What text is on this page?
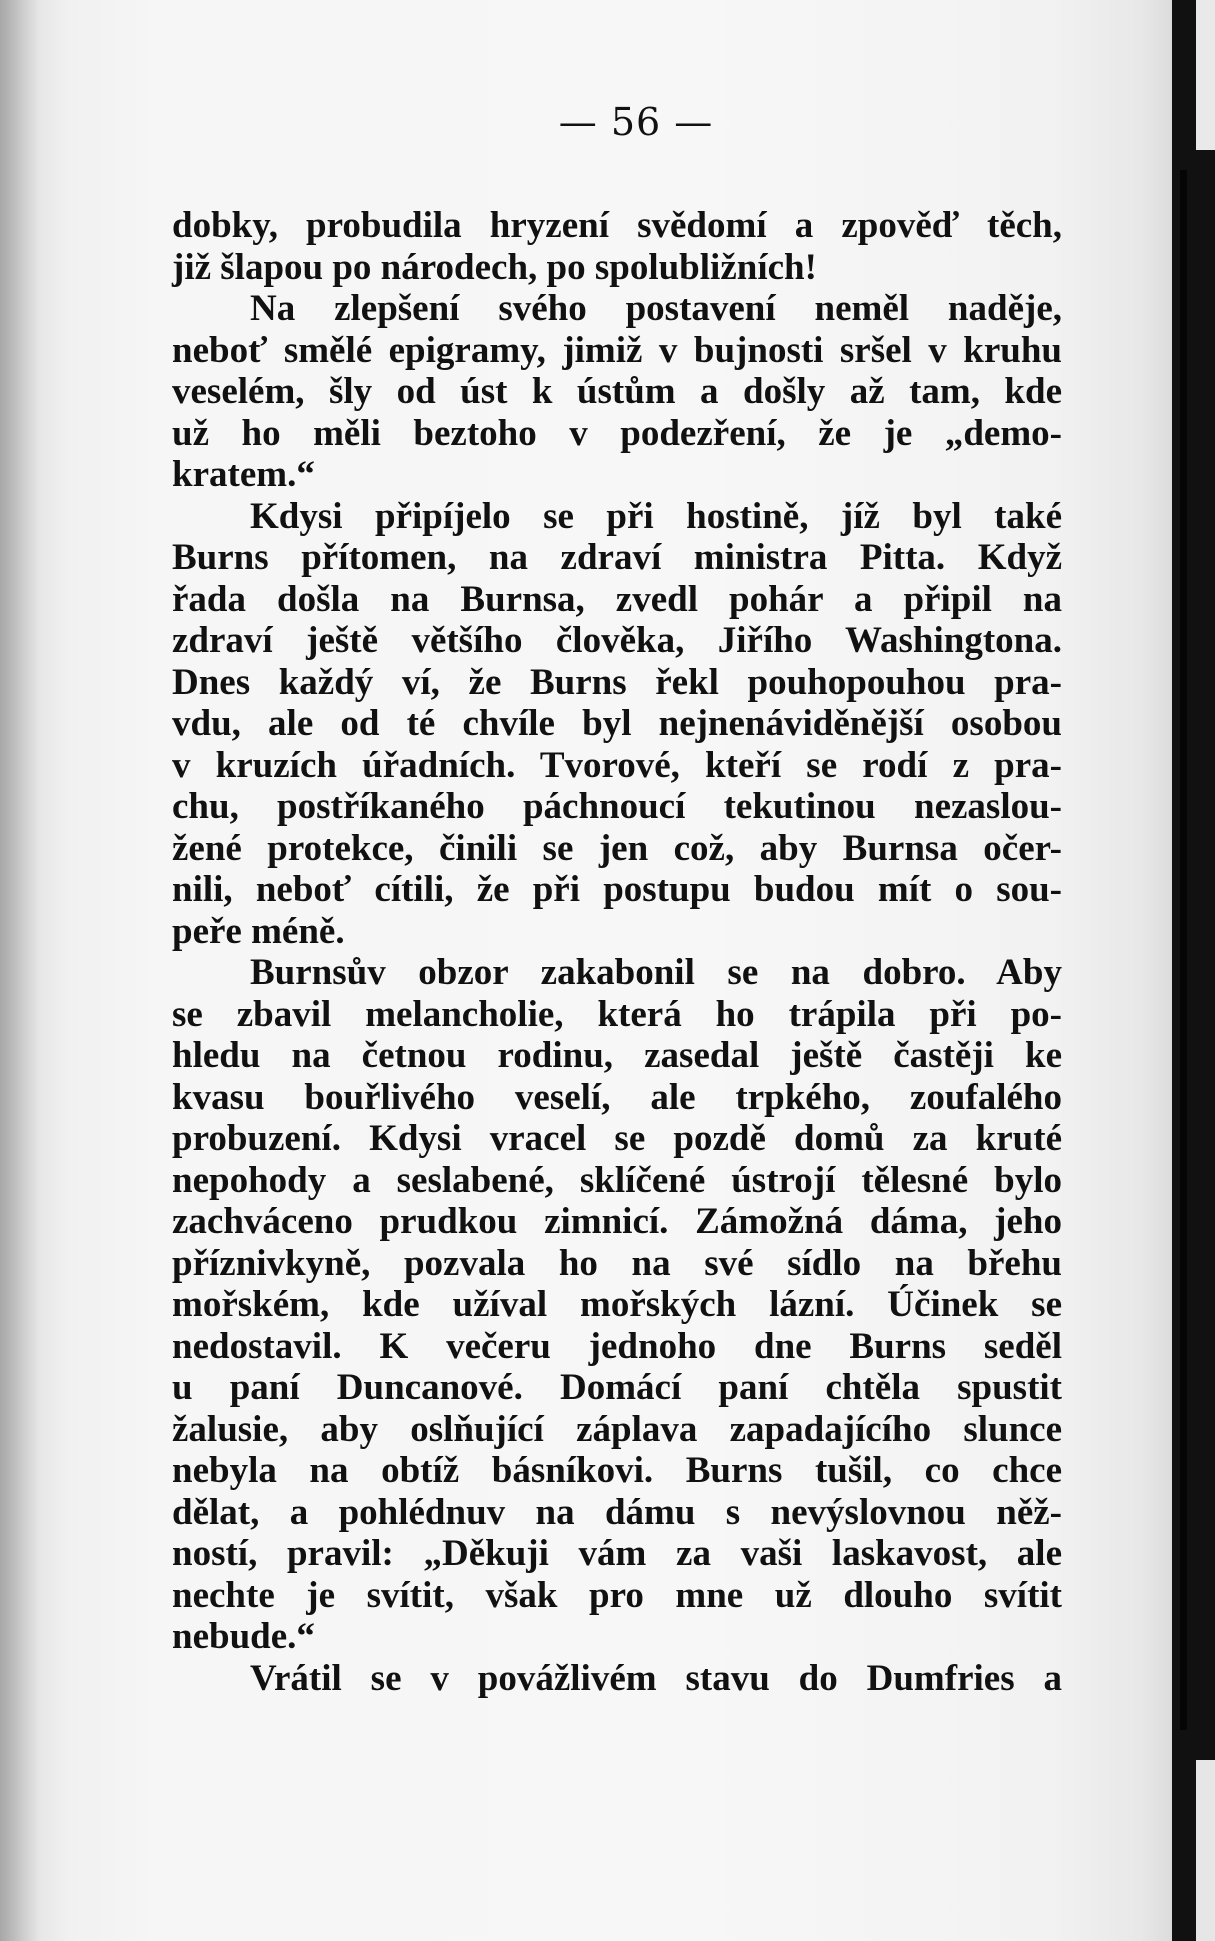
— 56 —
dobky, probudila hryzení svědomí a zpověď těch,
již šlapou po národech, po spolubližních!
Na zlepšení svého postavení neměl naděje,
neboť smělé epigramy, jimiž v bujnosti sršel v kruhu
veselém, šly od úst k ústům a došly až tam, kde
už ho měli beztoho v podezření, že je „demo-
kratem.“
Kdysi připíjelo se při hostině, jíž byl také
Burns přítomen, na zdraví ministra Pitta. Když
řada došla na Burnsa, zvedl pohár a připil na
zdraví ještě většího člověka, Jiřího Washingtona.
Dnes každý ví, že Burns řekl pouhopouhou pra-
vdu, ale od té chvíle byl nejnenáviděnější osobou
v kruzích úřadních. Tvorové, kteří se rodí z pra-
chu, postříkaného páchnoucí tekutinou nezaslou-
žené protekce, činili se jen což, aby Burnsa očer-
nili, neboť cítili, že při postupu budou mít o sou-
peře méně.
Burnsův obzor zakabonil se na dobro. Aby
se zbavil melancholie, která ho trápila při po-
hledu na četnou rodinu, zasedal ještě častěji ke
kvasu bouřlivého veselí, ale trpkého, zoufalého
probuzení. Kdysi vracel se pozdě domů za kruté
nepohody a seslabené, sklíčené ústrojí tělesné bylo
zachváceno prudkou zimnicí. Zámožná dáma, jeho
příznivkyně, pozvala ho na své sídlo na břehu
mořském, kde užíval mořských lázní. Účinek se
nedostavil. K večeru jednoho dne Burns seděl
u paní Duncanové. Domácí paní chtěla spustit
žalusie, aby oslňující záplava zapadajícího slunce
nebyla na obtíž básníkovi. Burns tušil, co chce
dělat, a pohlédnuv na dámu s nevýslovnou něž-
ností, pravil: „Děkuji vám za vaši laskavost, ale
nechte je svítit, však pro mne už dlouho svítit
nebude.“
Vrátil se v povážlivém stavu do Dumfries a
